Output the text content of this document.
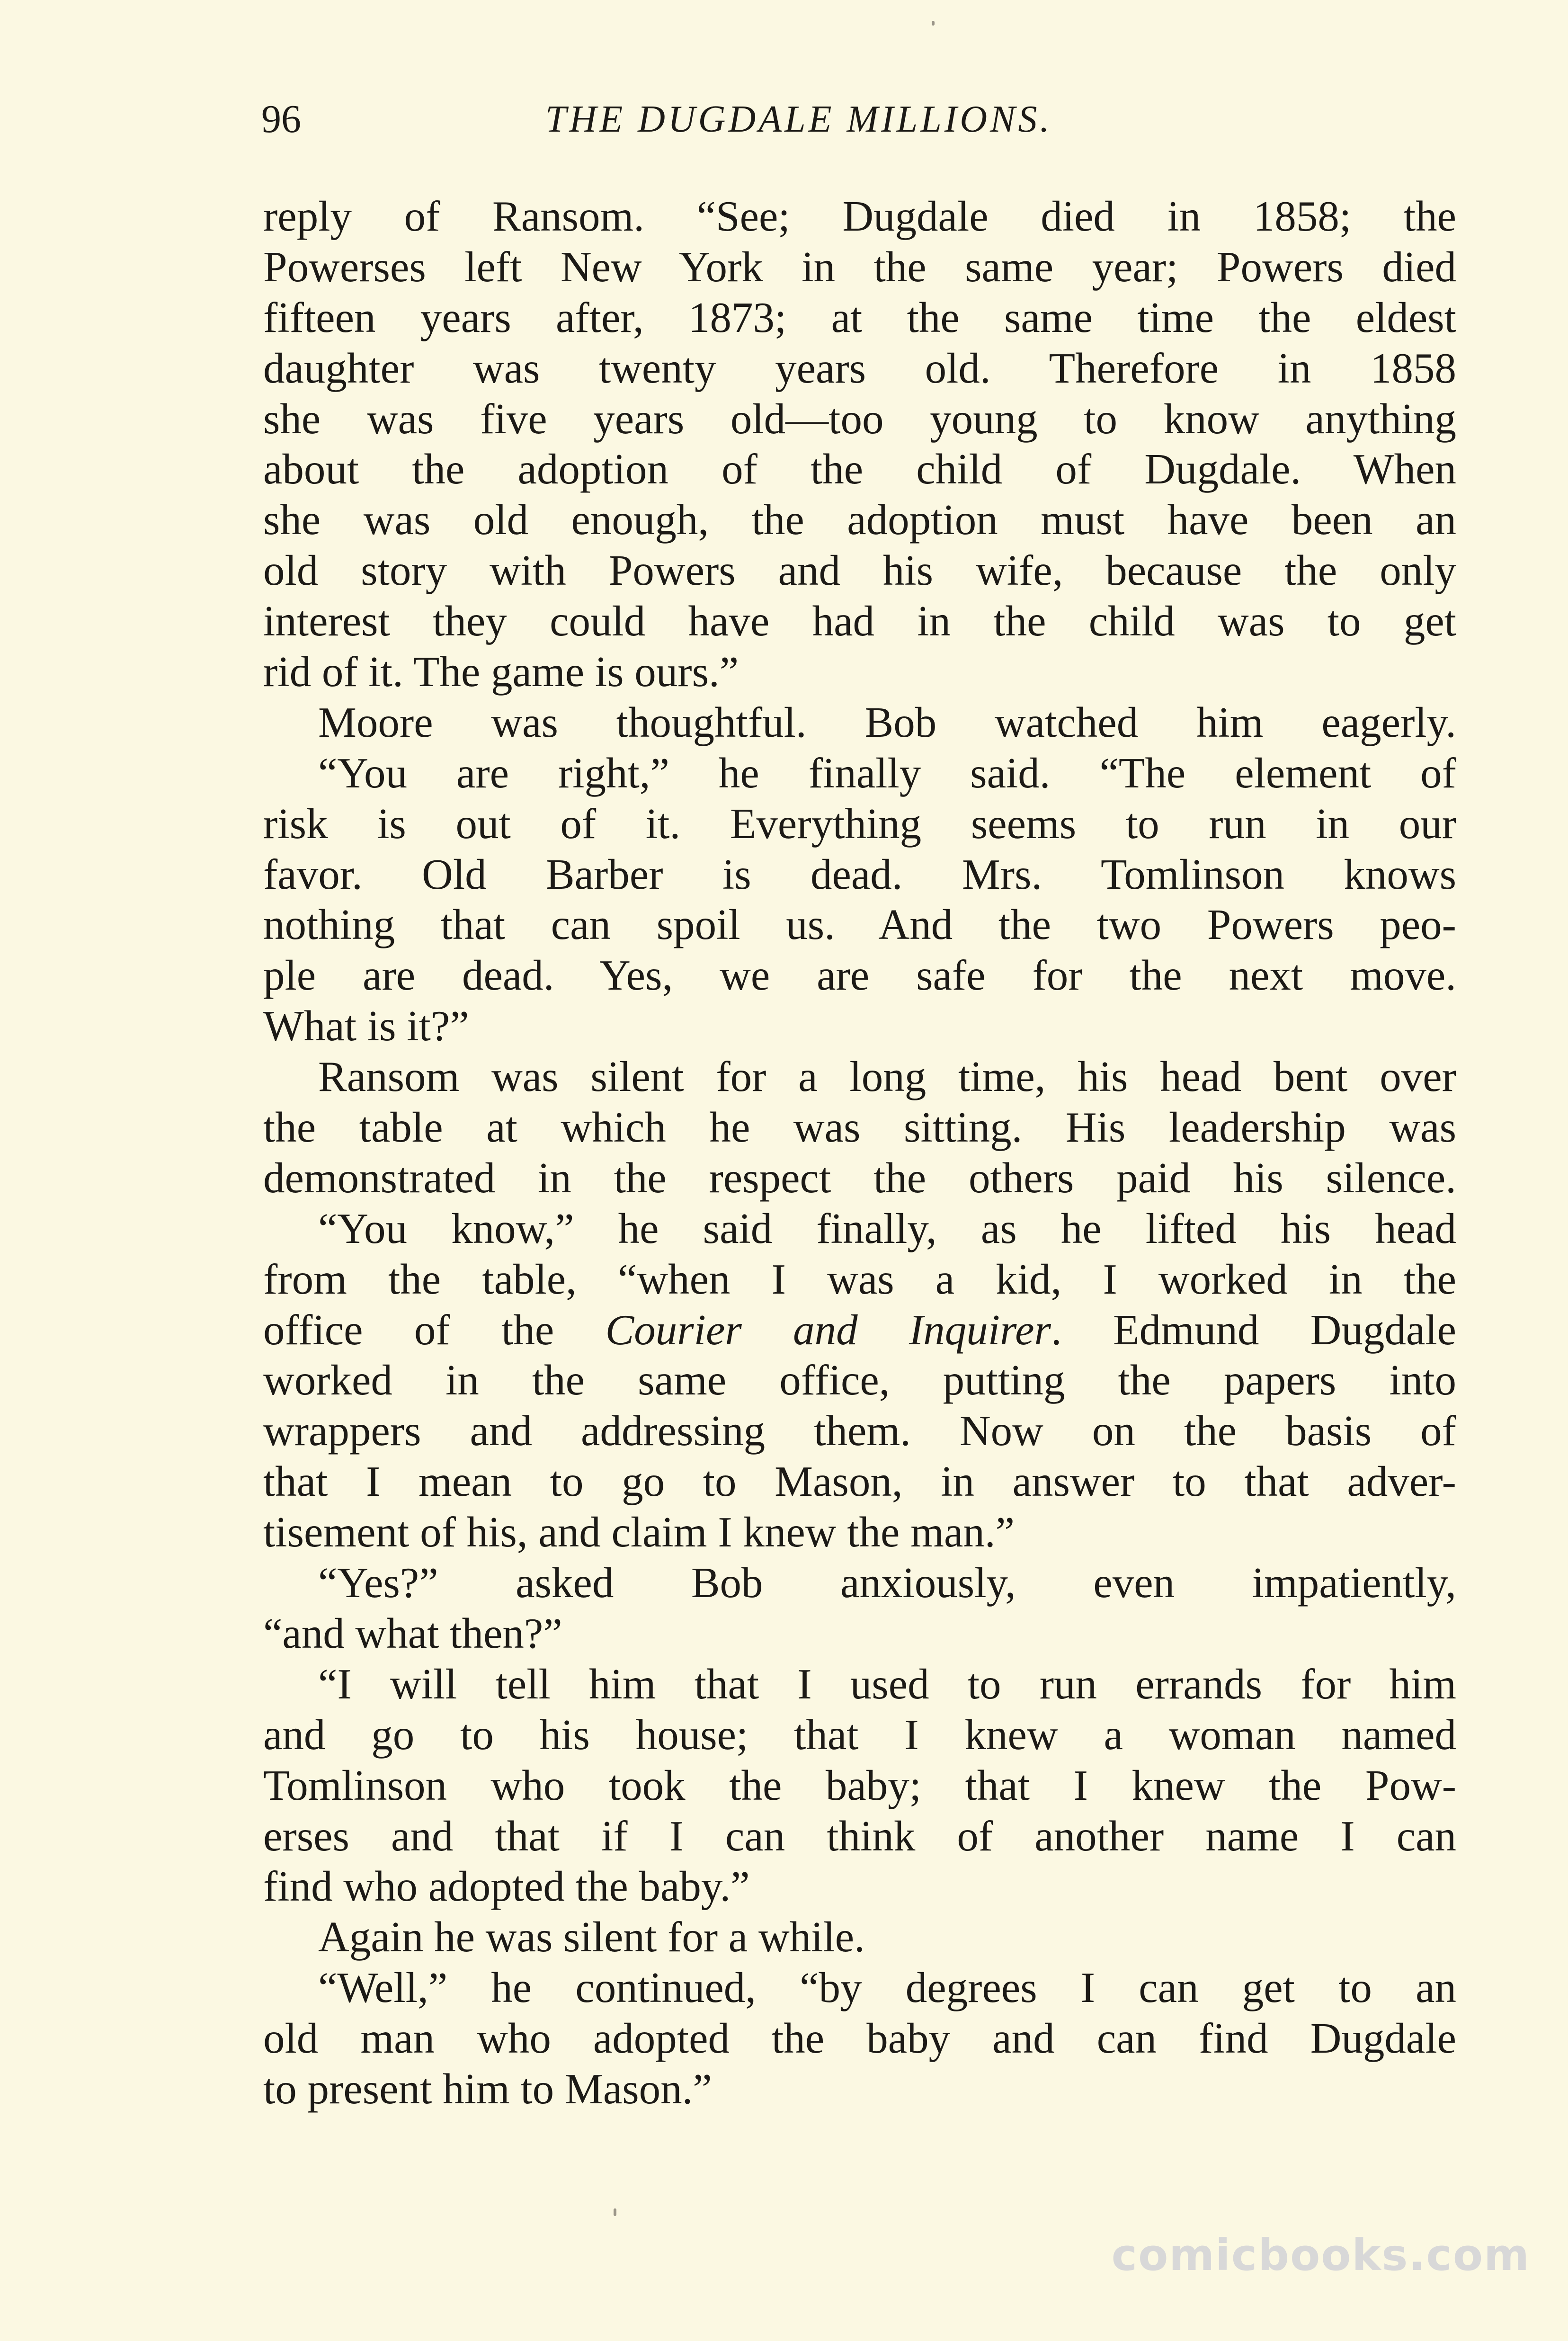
96	THE DUGDALE MILLIONS.
reply of Ransom. “See; Dugdale died in 1858; the
Powerses left New York in the same year; Powers died
fifteen years after, 1873; at the same time the eldest
daughter was twenty years old. Therefore in 1858
she was five years old—too young to know anything
about the adoption of the child of Dugdale. When
she was old enough, the adoption must have been an
old story with Powers and his wife, because the only
interest they could have had in the child was to get
rid of it. The game is ours.”
Moore was thoughtful. Bob watched him eagerly.
“You are right,” he finally said. “The element of
risk is out of it. Everything seems to run in our
favor. Old Barber is dead. Mrs. Tomlinson knows
nothing that can spoil us. And the two Powers peo-
ple are dead. Yes, we are safe for the next move.
What is it?”
Ransom was silent for a long time, his head bent over
the table at which he was sitting. His leadership was
demonstrated in the respect the others paid his silence.
“You know,” he said finally, as he lifted his head
from the table, “when I was a kid, I worked in the
office of the Courier and Inquirer. Edmund Dugdale
worked in the same office, putting the papers into
wrappers and addressing them. Now on the basis of
that I mean to go to Mason, in answer to that adver-
tisement of his, and claim I knew the man.”
“Yes?” asked Bob anxiously, even impatiently,
“and what then?”
“I will tell him that I used to run errands for him
and go to his house; that I knew a woman named
Tomlinson who took the baby; that I knew the Pow-
erses and that if I can think of another name I can
find who adopted the baby.”
Again he was silent for a while.
“Well,” he continued, “by degrees I can get to an
old man who adopted the baby and can find Dugdale
to present him to Mason.”
comicbooks.com
